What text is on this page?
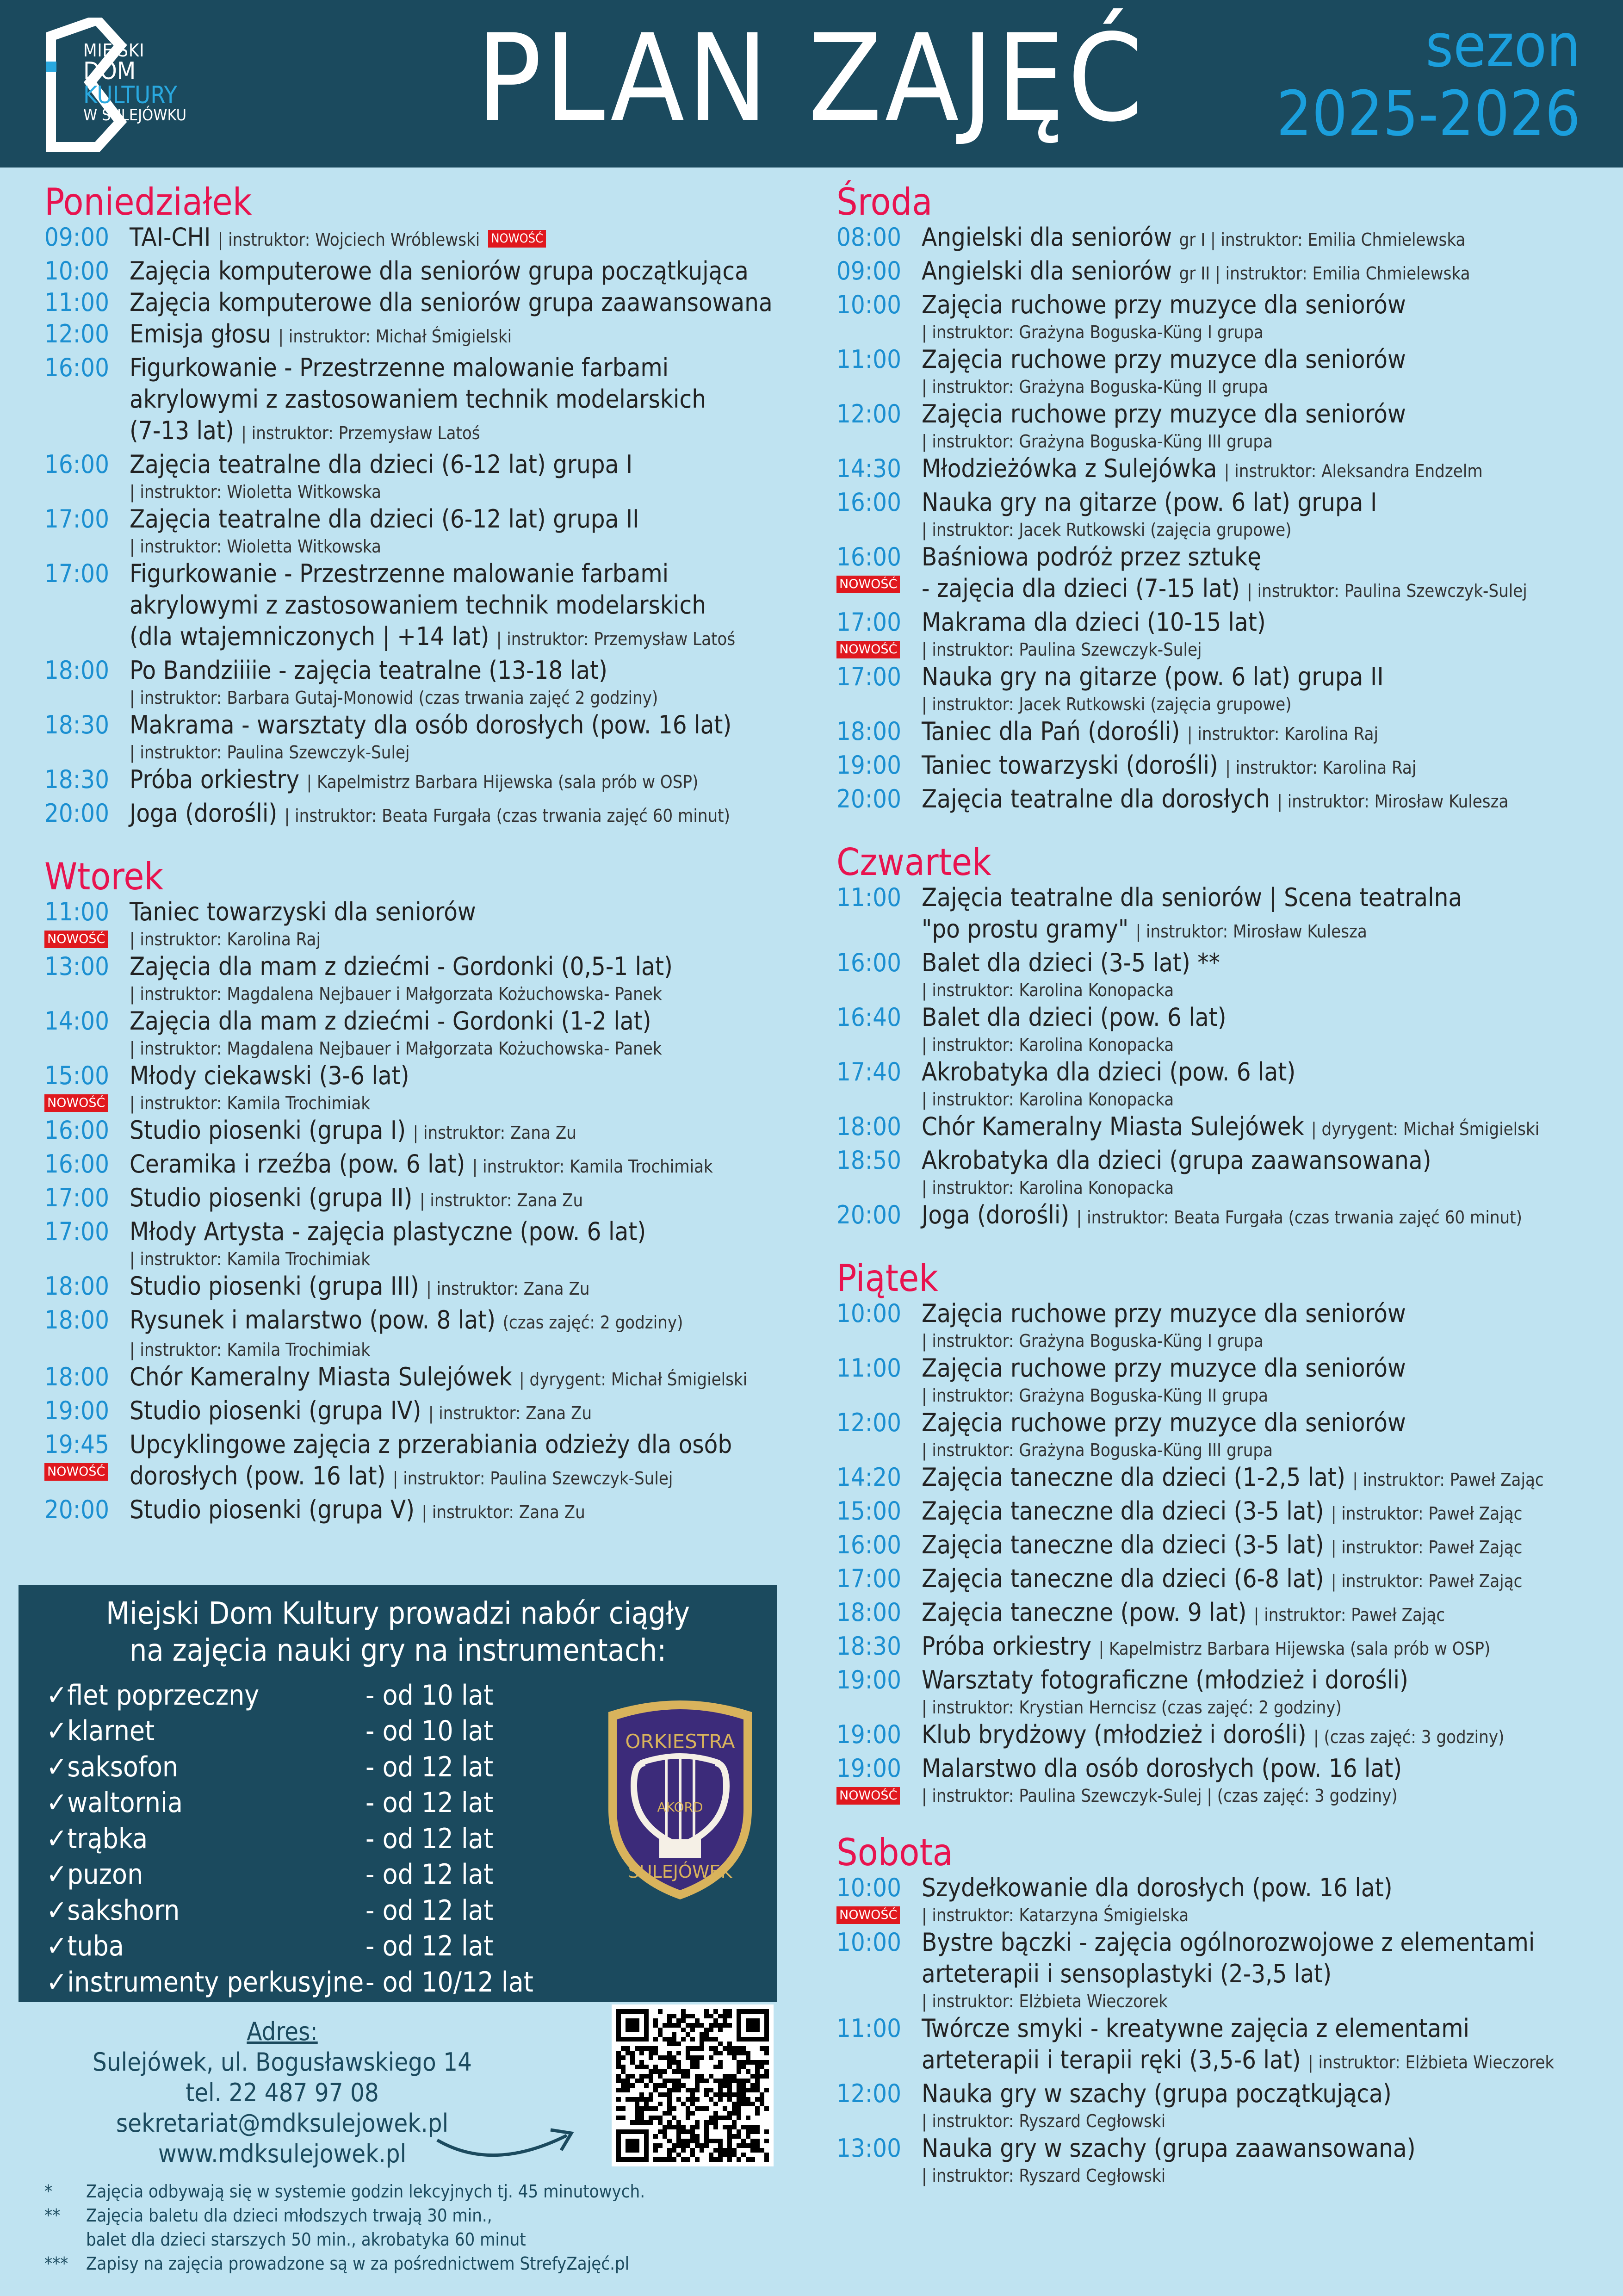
MIEJSKI
DOM
KULTURY
W SULEJÓWKU PLAN ZAJĘĆ	sezon
2025-2026
Poniedziałek
09:00 TAI-CHI | instruktor: Wojciech Wróblewski NOWOŚĆ
10:00 Zajęcia komputerowe dla seniorów grupa początkująca
11:00 Zajęcia komputerowe dla seniorów grupa zaawansowana
12:00 Emisja głosu | instruktor: Michał Śmigielski
16:00 Figurkowanie - Przestrzenne malowanie farbami
akrylowymi z zastosowaniem technik modelarskich
(7-13 lat) | instruktor: Przemysław Latoś
16:00 Zajęcia teatralne dla dzieci (6-12 lat) grupa I
| instruktor: Wioletta Witkowska
17:00 Zajęcia teatralne dla dzieci (6-12 lat) grupa II
| instruktor: Wioletta Witkowska
17:00 Figurkowanie - Przestrzenne malowanie farbami
akrylowymi z zastosowaniem technik modelarskich
(dla wtajemniczonych | +14 lat) | instruktor: Przemysław Latoś
18:00 Po Bandziiiie - zajęcia teatralne (13-18 lat)
| instruktor: Barbara Gutaj-Monowid (czas trwania zajęć 2 godziny)
18:30 Makrama - warsztaty dla osób dorosłych (pow. 16 lat)
| instruktor: Paulina Szewczyk-Sulej
18:30 Próba orkiestry | Kapelmistrz Barbara Hijewska (sala prób w OSP)
20:00 Joga (dorośli) | instruktor: Beata Furgała (czas trwania zajęć 60 minut)
Wtorek
11:00
NOWOŚĆ
Taniec towarzyski dla seniorów
| instruktor: Karolina Raj
13:00 Zajęcia dla mam z dziećmi - Gordonki (0,5-1 lat)
| instruktor: Magdalena Nejbauer i Małgorzata Kożuchowska- Panek
14:00 Zajęcia dla mam z dziećmi - Gordonki (1-2 lat)
| instruktor: Magdalena Nejbauer i Małgorzata Kożuchowska- Panek
15:00
NOWOŚĆ
Młody ciekawski (3-6 lat)
| instruktor: Kamila Trochimiak
16:00 Studio piosenki (grupa I) | instruktor: Zana Zu
16:00 Ceramika i rzeźba (pow. 6 lat) | instruktor: Kamila Trochimiak
17:00 Studio piosenki (grupa II) | instruktor: Zana Zu
17:00 Młody Artysta - zajęcia plastyczne (pow. 6 lat)
| instruktor: Kamila Trochimiak
18:00 Studio piosenki (grupa III) | instruktor: Zana Zu
18:00 Rysunek i malarstwo (pow. 8 lat) (czas zajęć: 2 godziny)
| instruktor: Kamila Trochimiak
18:00 Chór Kameralny Miasta Sulejówek | dyrygent: Michał Śmigielski
19:00 Studio piosenki (grupa IV) | instruktor: Zana Zu
19:45
NOWOŚĆ
Upcyklingowe zajęcia z przerabiania odzieży dla osób
dorosłych (pow. 16 lat) | instruktor: Paulina Szewczyk-Sulej
20:00 Studio piosenki (grupa V) | instruktor: Zana Zu
Środa
08:00 Angielski dla seniorów gr I | instruktor: Emilia Chmielewska
09:00 Angielski dla seniorów gr II | instruktor: Emilia Chmielewska
10:00 Zajęcia ruchowe przy muzyce dla seniorów
| instruktor: Grażyna Boguska-Küng I grupa
11:00 Zajęcia ruchowe przy muzyce dla seniorów
| instruktor: Grażyna Boguska-Küng II grupa
12:00 Zajęcia ruchowe przy muzyce dla seniorów
| instruktor: Grażyna Boguska-Küng III grupa
14:30 Młodzieżówka z Sulejówka | instruktor: Aleksandra Endzelm
16:00 Nauka gry na gitarze (pow. 6 lat) grupa I
| instruktor: Jacek Rutkowski (zajęcia grupowe)
16:00
NOWOŚĆ
Baśniowa podróż przez sztukę
- zajęcia dla dzieci (7-15 lat) | instruktor: Paulina Szewczyk-Sulej
17:00
NOWOŚĆ
Makrama dla dzieci (10-15 lat)
| instruktor: Paulina Szewczyk-Sulej
17:00 Nauka gry na gitarze (pow. 6 lat) grupa II
| instruktor: Jacek Rutkowski (zajęcia grupowe)
18:00 Taniec dla Pań (dorośli) | instruktor: Karolina Raj
19:00 Taniec towarzyski (dorośli) | instruktor: Karolina Raj
20:00 Zajęcia teatralne dla dorosłych | instruktor: Mirosław Kulesza
Czwartek
11:00 Zajęcia teatralne dla seniorów | Scena teatralna
"po prostu gramy" | instruktor: Mirosław Kulesza
16:00 Balet dla dzieci (3-5 lat) **
| instruktor: Karolina Konopacka
16:40 Balet dla dzieci (pow. 6 lat)
| instruktor: Karolina Konopacka
17:40 Akrobatyka dla dzieci (pow. 6 lat)
| instruktor: Karolina Konopacka
18:00 Chór Kameralny Miasta Sulejówek | dyrygent: Michał Śmigielski
18:50 Akrobatyka dla dzieci (grupa zaawansowana)
| instruktor: Karolina Konopacka
20:00 Joga (dorośli) | instruktor: Beata Furgała (czas trwania zajęć 60 minut)
Piątek
10:00 Zajęcia ruchowe przy muzyce dla seniorów
| instruktor: Grażyna Boguska-Küng I grupa
11:00 Zajęcia ruchowe przy muzyce dla seniorów
| instruktor: Grażyna Boguska-Küng II grupa
12:00 Zajęcia ruchowe przy muzyce dla seniorów
| instruktor: Grażyna Boguska-Küng III grupa
14:20 Zajęcia taneczne dla dzieci (1-2,5 lat) | instruktor: Paweł Zając
15:00 Zajęcia taneczne dla dzieci (3-5 lat) | instruktor: Paweł Zając
16:00 Zajęcia taneczne dla dzieci (3-5 lat) | instruktor: Paweł Zając
17:00 Zajęcia taneczne dla dzieci (6-8 lat) | instruktor: Paweł Zając
18:00 Zajęcia taneczne (pow. 9 lat) | instruktor: Paweł Zając
18:30 Próba orkiestry | Kapelmistrz Barbara Hijewska (sala prób w OSP)
19:00 Warsztaty fotograficzne (młodzież i dorośli)
| instruktor: Krystian Herncisz (czas zajęć: 2 godziny)
19:00 Klub brydżowy (młodzież i dorośli) | (czas zajęć: 3 godziny)
19:00
NOWOŚĆ
Malarstwo dla osób dorosłych (pow. 16 lat)
| instruktor: Paulina Szewczyk-Sulej | (czas zajęć: 3 godziny)
Sobota
10:00
NOWOŚĆ
Szydełkowanie dla dorosłych (pow. 16 lat)
| instruktor: Katarzyna Śmigielska
10:00 Bystre bączki - zajęcia ogólnorozwojowe z elementami
arteterapii i sensoplastyki (2-3,5 lat)
| instruktor: Elżbieta Wieczorek
11:00 Twórcze smyki - kreatywne zajęcia z elementami
arteterapii i terapii ręki (3,5-6 lat) | instruktor: Elżbieta Wieczorek
12:00 Nauka gry w szachy (grupa początkująca)
| instruktor: Ryszard Cegłowski
13:00 Nauka gry w szachy (grupa zaawansowana)
| instruktor: Ryszard Cegłowski
Miejski Dom Kultury prowadzi nabór ciągły
na zajęcia nauki gry na instrumentach:
✓flet poprzeczny	- od 10 lat
✓klarnet	- od 10 lat
✓saksofon	- od 12 lat
✓waltornia	- od 12 lat
✓trąbka	- od 12 lat
✓puzon	- od 12 lat
✓sakshorn	- od 12 lat
✓tuba	- od 12 lat
✓instrumenty perkusyjne - od 10/12 lat
ORKIESTRA
AKORD
SULEJÓWEK
Adres:
Sulejówek, ul. Bogusławskiego 14
tel. 22 487 97 08 sekretariat@mdksulejowek.pl
www.mdksulejowek.pl
*	Zajęcia odbywają się w systemie godzin lekcyjnych tj. 45 minutowych.
**	Zajęcia baletu dla dzieci młodszych trwają 30 min.,
balet dla dzieci starszych 50 min., akrobatyka 60 minut
***	Zapisy na zajęcia prowadzone są w za pośrednictwem StrefyZajęć.pl
